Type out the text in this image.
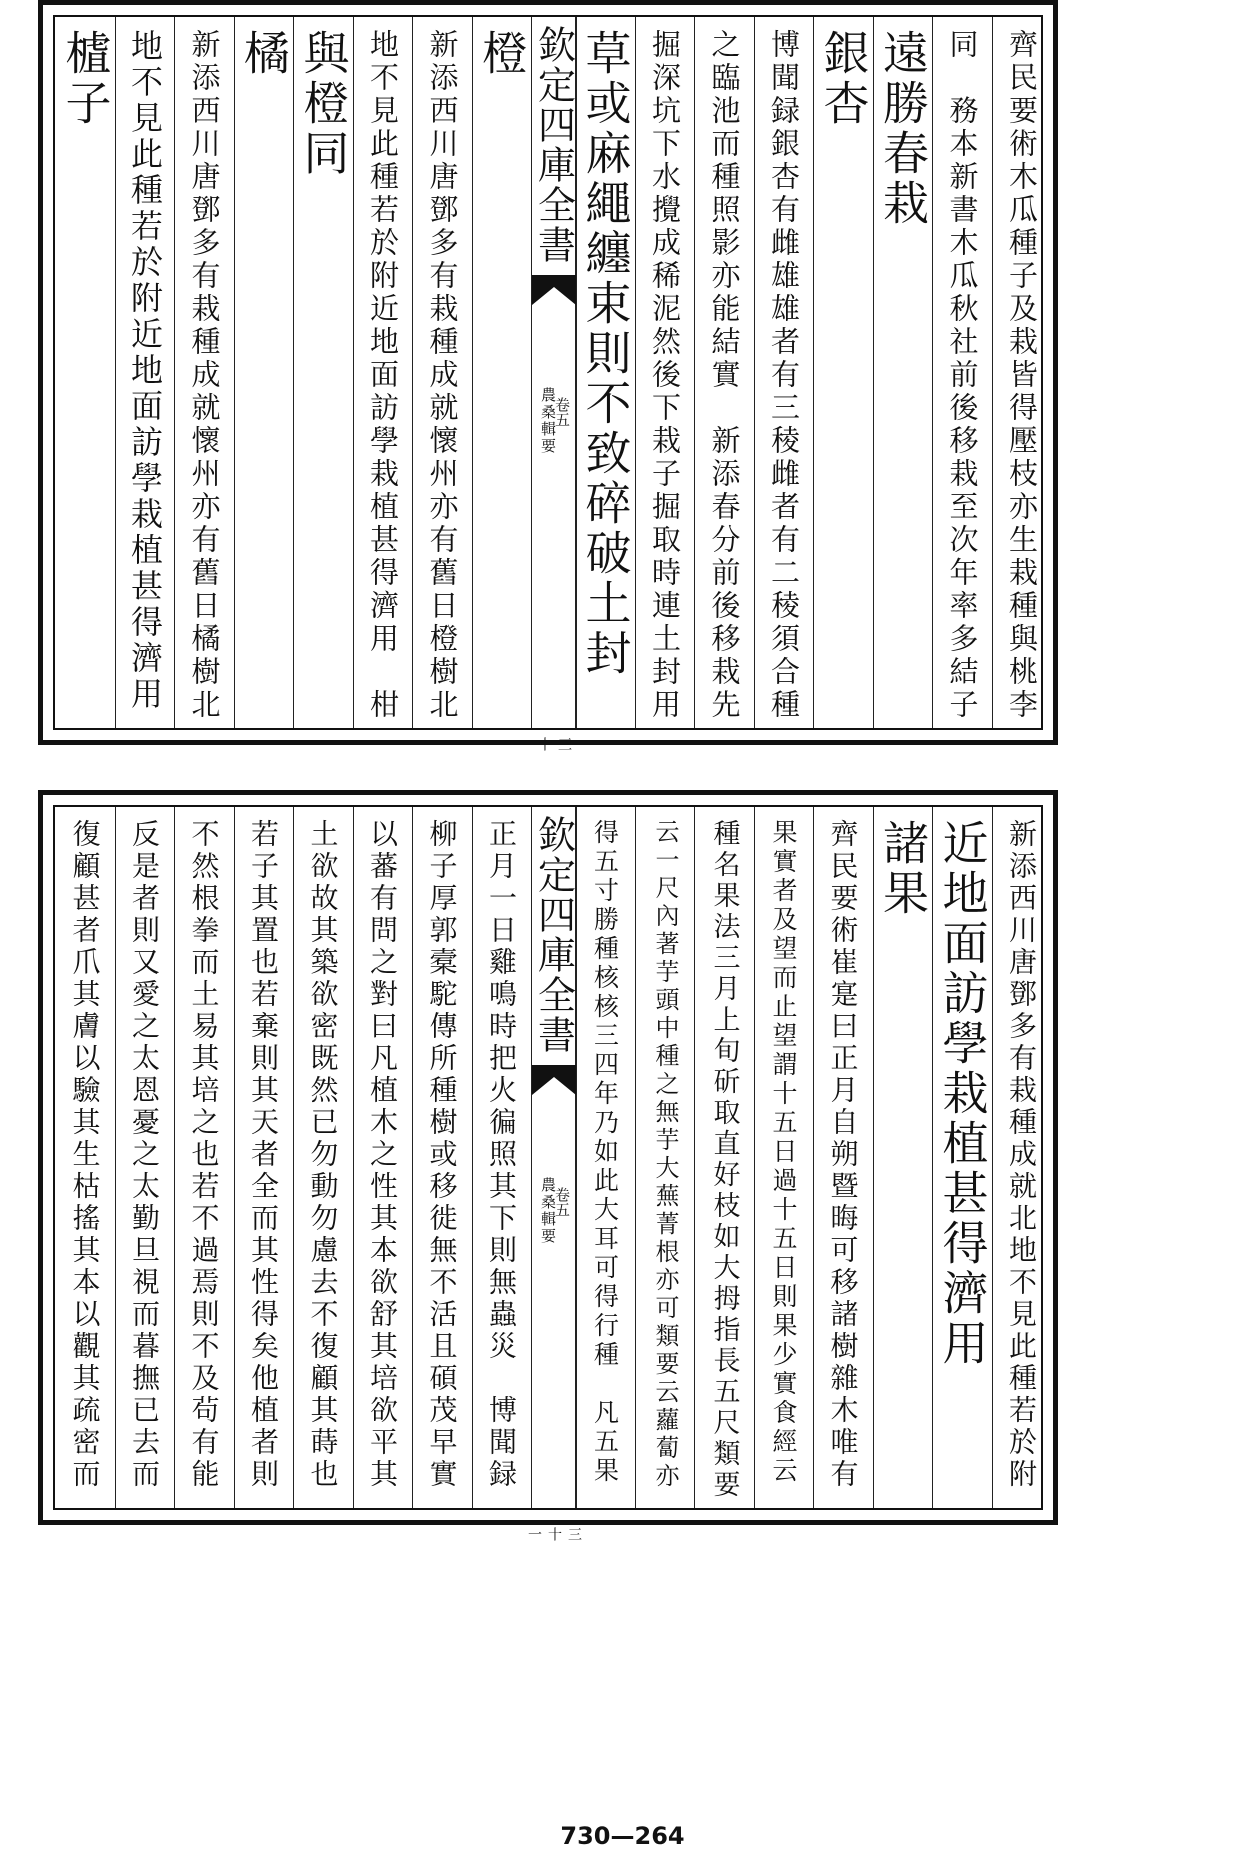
齊民要術木瓜種子及栽皆得壓枝亦生栽種與桃李
同　務本新書木瓜秋社前後移栽至次年率多結子
遠勝春栽
銀杏
博聞録銀杏有雌雄雄者有三稜雌者有二稜須合種
之臨池而種照影亦能結實　新添春分前後移栽先
掘深坑下水攪成稀泥然後下栽子掘取時連土封用
草或麻繩纏束則不致碎破土封
欽定四庫全書
農桑輯要
卷五
三十
橙
新添西川唐鄧多有栽種成就懷州亦有舊日橙樹北
地不見此種若於附近地面訪學栽植甚得濟用　柑
與橙同
橘
新添西川唐鄧多有栽種成就懷州亦有舊日橘樹北
地不見此種若於附近地面訪學栽植甚得濟用
樝子
新添西川唐鄧多有栽種成就北地不見此種若於附
近地面訪學栽植甚得濟用
諸果
齊民要術崔寔曰正月自朔暨晦可移諸樹雜木唯有
果實者及望而止望謂十五日過十五日則果少實食經云
種名果法三月上旬斫取直好枝如大拇指長五尺類要
云一尺內著芋頭中種之無芋大蕪菁根亦可類要云蘿蔔亦
得五寸勝種核核三四年乃如此大耳可得行種　凡五果
欽定四庫全書
農桑輯要
卷五
三十一
正月一日雞鳴時把火徧照其下則無蟲災　博聞録
柳子厚郭槖駝傳所種樹或移徙無不活且碩茂早實
以蕃有問之對曰凡植木之性其本欲舒其培欲平其
土欲故其築欲密既然已勿動勿慮去不復顧其蒔也
若子其置也若棄則其天者全而其性得矣他植者則
不然根拳而土易其培之也若不過焉則不及茍有能
反是者則又愛之太恩憂之太勤旦視而暮撫已去而
復顧甚者爪其膚以驗其生枯搖其本以觀其疏密而
730—264
